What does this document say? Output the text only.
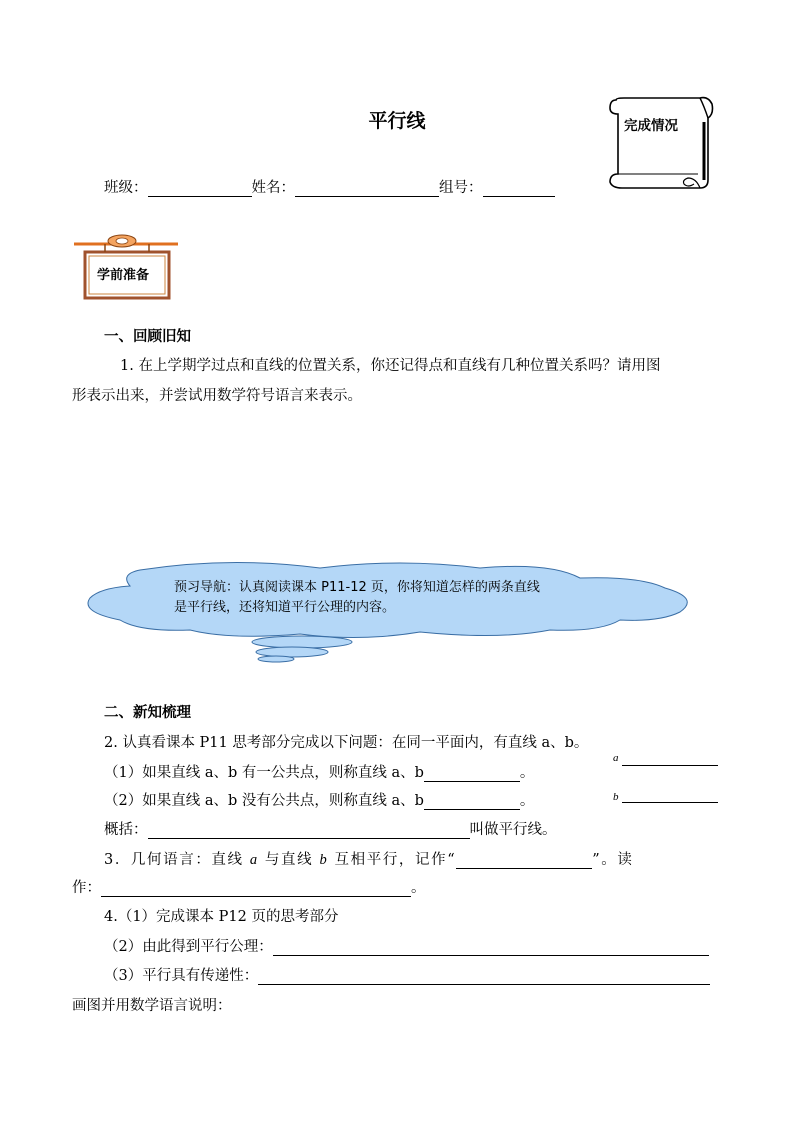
平行线	完成情况
班级：	姓名：	组号：
学前准备
一、回顾旧知
1. 在上学期学过点和直线的位置关系，你还记得点和直线有几种位置关系吗？请用图
形表示出来，并尝试用数学符号语言来表示。
预习导航：认真阅读课本 P11-12 页，你将知道怎样的两条直线
是平行线，还将知道平行公理的内容。
二、新知梳理
2. 认真看课本 P11 思考部分完成以下问题：在同一平面内，有直线 a、b。
（1）如果直线 a、b 有一公共点，则称直线 a、b	。
（2）如果直线 a、b 没有公共点，则称直线 a、b	。
a
b
概括：	叫做平行线。
3．几何语言：直线 a 与直线 b 互相平行，记作“	”。读
作：	。
4.（1）完成课本 P12 页的思考部分
（2）由此得到平行公理：
（3）平行具有传递性：
画图并用数学语言说明：
